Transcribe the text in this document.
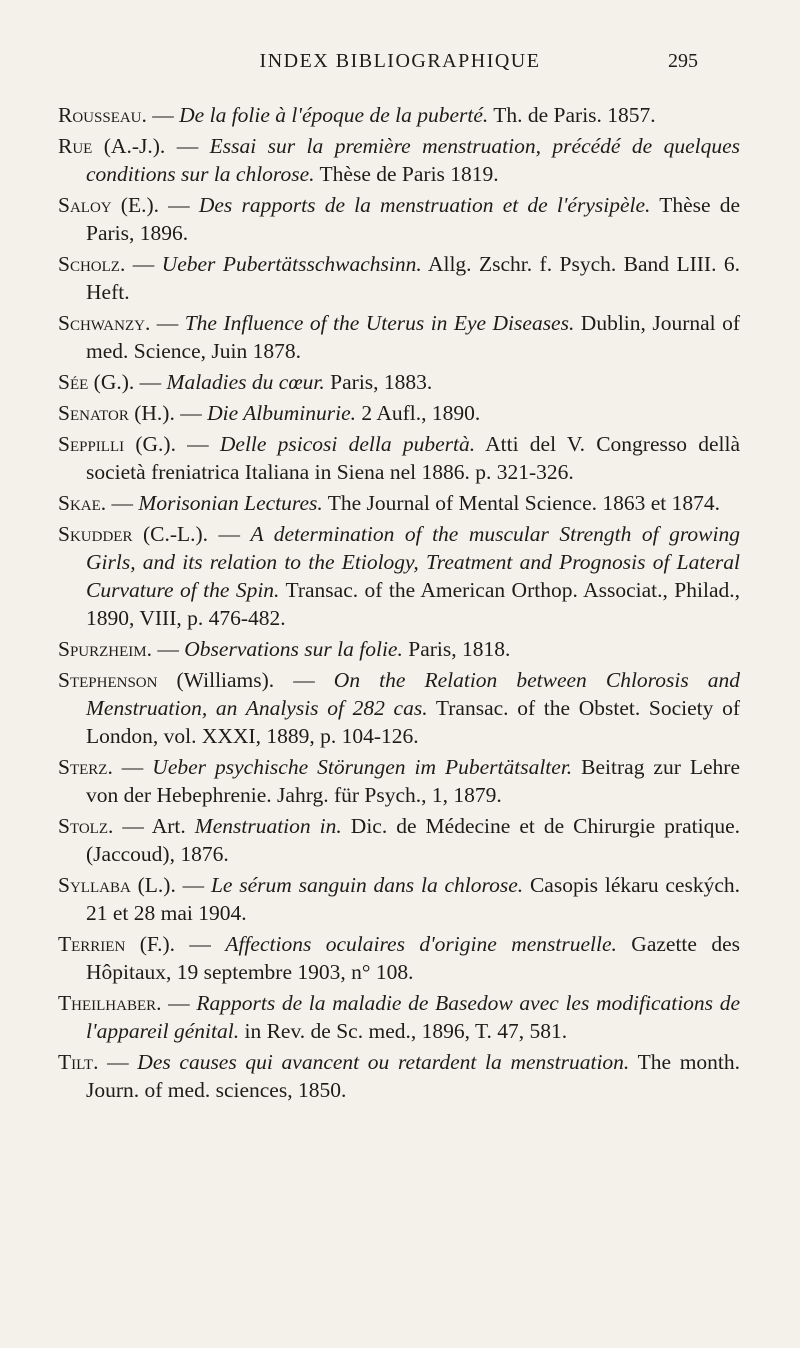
INDEX BIBLIOGRAPHIQUE	295

Rousseau. — De la folie à l'époque de la puberté. Th. de Paris. 1857.

Rue (A.-J.). — Essai sur la première menstruation, précédé de quelques conditions sur la chlorose. Thèse de Paris 1819.

Saloy (E.). — Des rapports de la menstruation et de l'érysipèle. Thèse de Paris, 1896.

Scholz. — Ueber Pubertätsschwachsinn. Allg. Zschr. f. Psych. Band LIII. 6. Heft.

Schwanzy. — The Influence of the Uterus in Eye Diseases. Dublin, Journal of med. Science, Juin 1878.

Sée (G.). — Maladies du cœur. Paris, 1883.

Senator (H.). — Die Albuminurie. 2 Aufl., 1890.

Seppilli (G.). — Delle psicosi della pubertà. Atti del V. Congresso dellà società freniatrica Italiana in Siena nel 1886. p. 321-326.

Skae. — Morisonian Lectures. The Journal of Mental Science. 1863 et 1874.

Skudder (C.-L.). — A determination of the muscular Strength of growing Girls, and its relation to the Etiology, Treatment and Prognosis of Lateral Curvature of the Spin. Transac. of the American Orthop. Associat., Philad., 1890, VIII, p. 476-482.

Spurzheim. — Observations sur la folie. Paris, 1818.

Stephenson (Williams). — On the Relation between Chlorosis and Menstruation, an Analysis of 282 cas. Transac. of the Obstet. Society of London, vol. XXXI, 1889, p. 104-126.

Sterz. — Ueber psychische Störungen im Pubertätsalter. Beitrag zur Lehre von der Hebephrenie. Jahrg. für Psych., 1, 1879.

Stolz. — Art. Menstruation in. Dic. de Médecine et de Chirurgie pratique. (Jaccoud), 1876.

Syllaba (L.). — Le sérum sanguin dans la chlorose. Casopis lékaru ceských. 21 et 28 mai 1904.

Terrien (F.). — Affections oculaires d'origine menstruelle. Gazette des Hôpitaux, 19 septembre 1903, n° 108.

Theilhaber. — Rapports de la maladie de Basedow avec les modifications de l'appareil génital. in Rev. de Sc. med., 1896, T. 47, 581.

Tilt. — Des causes qui avancent ou retardent la menstruation. The month. Journ. of med. sciences, 1850.
